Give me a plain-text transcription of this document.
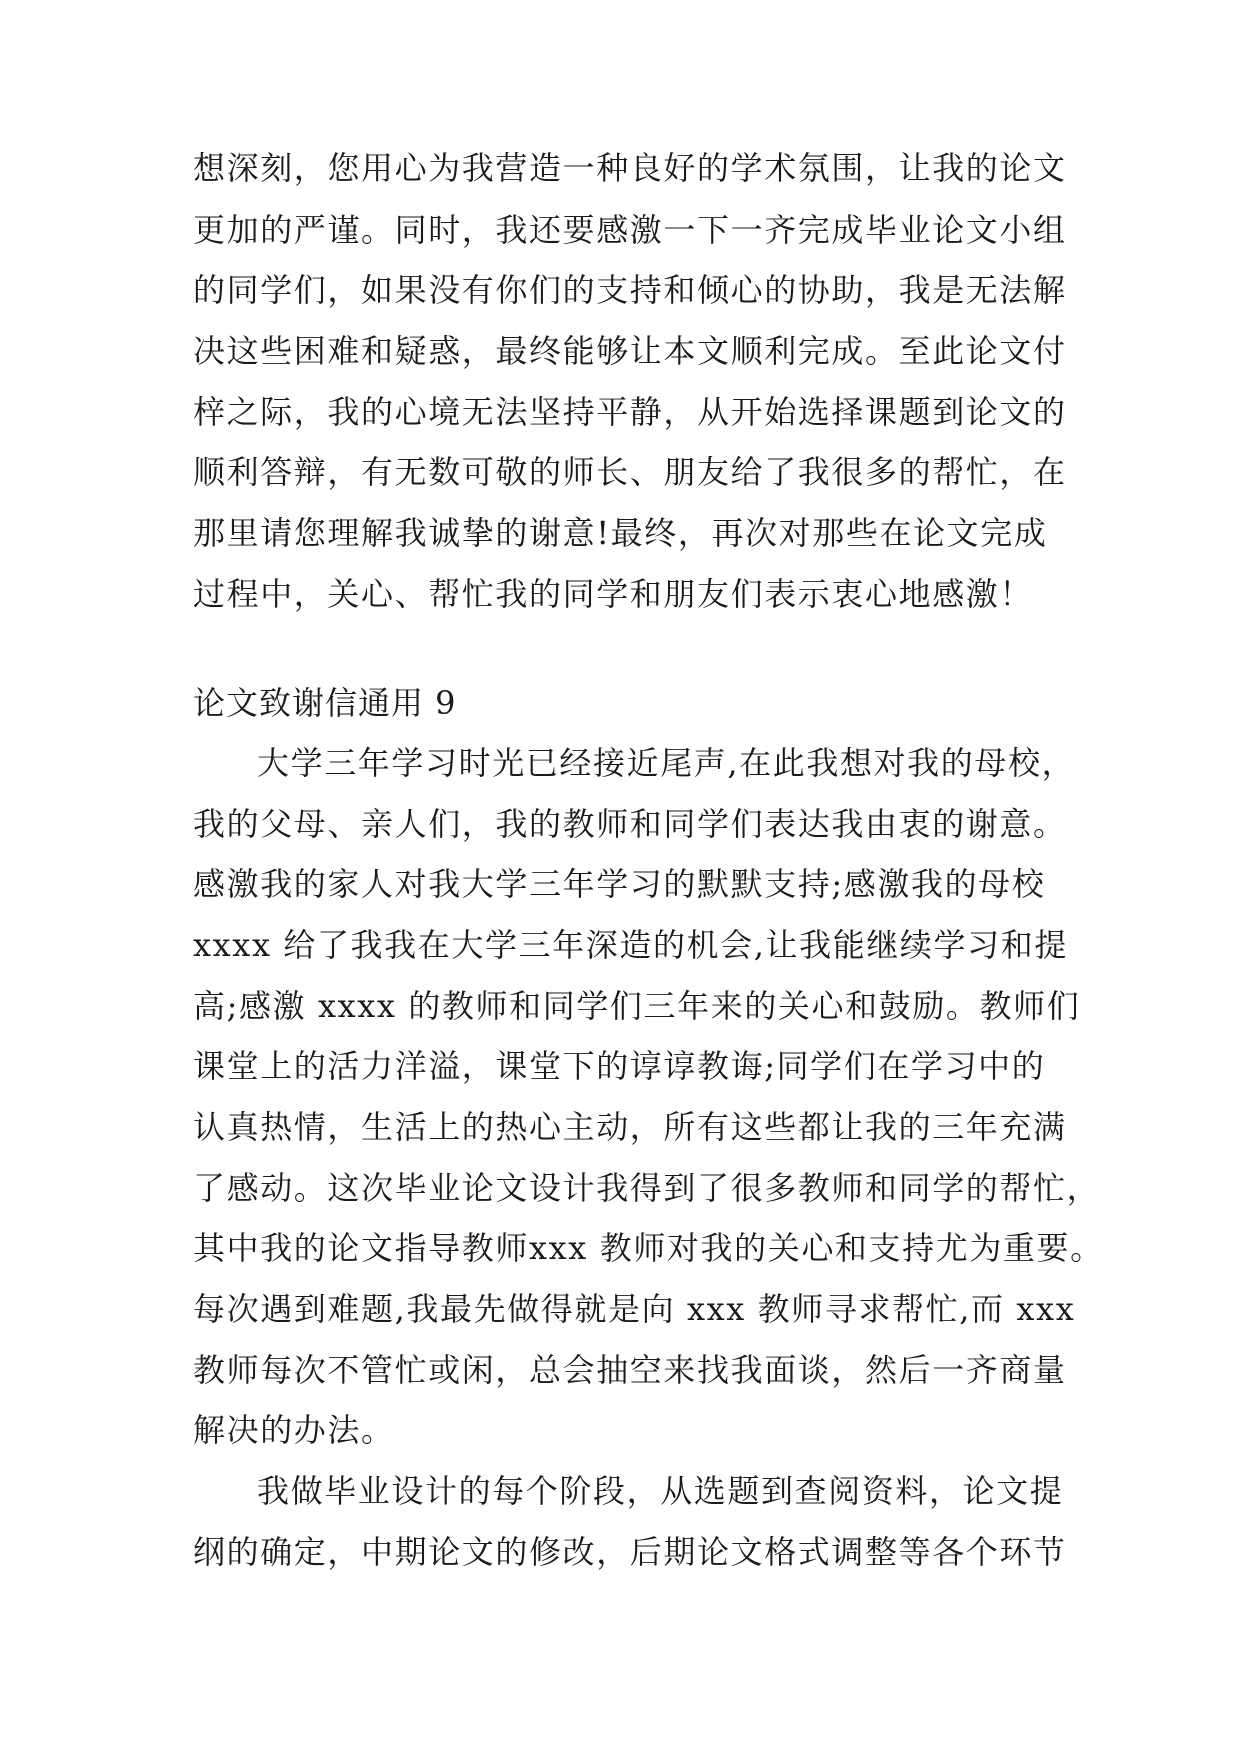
想深刻，您用心为我营造一种良好的学术氛围，让我的论文
更加的严谨。同时，我还要感激一下一齐完成毕业论文小组
的同学们，如果没有你们的支持和倾心的协助，我是无法解
决这些困难和疑惑，最终能够让本文顺利完成。至此论文付
梓之际，我的心境无法坚持平静，从开始选择课题到论文的
顺利答辩，有无数可敬的师长、朋友给了我很多的帮忙，在
那里请您理解我诚挚的谢意!最终，再次对那些在论文完成
过程中，关心、帮忙我的同学和朋友们表示衷心地感激！
论文致谢信通用 9
大学三年学习时光已经接近尾声,在此我想对我的母校，
我的父母、亲人们，我的教师和同学们表达我由衷的谢意。
感激我的家人对我大学三年学习的默默支持;感激我的母校
xxxx 给了我我在大学三年深造的机会,让我能继续学习和提
高;感激 xxxx 的教师和同学们三年来的关心和鼓励。教师们
课堂上的活力洋溢，课堂下的谆谆教诲;同学们在学习中的
认真热情，生活上的热心主动，所有这些都让我的三年充满
了感动。这次毕业论文设计我得到了很多教师和同学的帮忙，
其中我的论文指导教师xxx 教师对我的关心和支持尤为重要。
每次遇到难题,我最先做得就是向 xxx 教师寻求帮忙,而 xxx
教师每次不管忙或闲，总会抽空来找我面谈，然后一齐商量
解决的办法。
我做毕业设计的每个阶段，从选题到查阅资料，论文提
纲的确定，中期论文的修改，后期论文格式调整等各个环节
